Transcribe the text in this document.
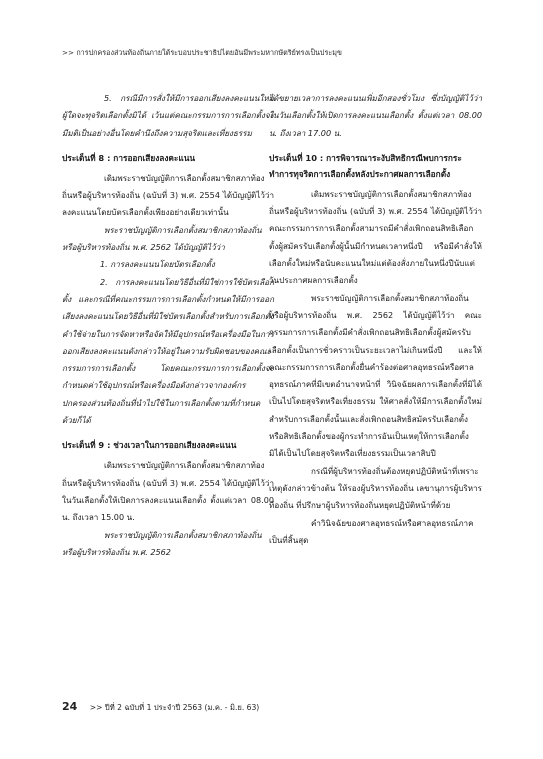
>> การปกครองส่วนท้องถิ่นภายใต้ระบอบประชาธิปไตยอันมีพระมหากษัตริย์ทรงเป็นประมุข

5. กรณีมีการสั่งให้มีการออกเสียงลงคะแนนใหม่ ผู้ใดจะทุจริตเลือกตั้งมิได้ เว้นแต่คณะกรรมการการเลือกตั้งจะมีมติเป็นอย่างอื่นโดยคำนึงถึงความสุจริตและเที่ยงธรรม

ประเด็นที่ 8 : การออกเสียงลงคะแนน

เดิมพระราชบัญญัติการเลือกตั้งสมาชิกสภาท้องถิ่นหรือผู้บริหารท้องถิ่น (ฉบับที่ 3) พ.ศ. 2554 ได้บัญญัติไว้ว่า ลงคะแนนโดยบัตรเลือกตั้งเพียงอย่างเดียวเท่านั้น

พระราชบัญญัติการเลือกตั้งสมาชิกสภาท้องถิ่นหรือผู้บริหารท้องถิ่น พ.ศ. 2562 ได้บัญญัติไว้ว่า

1. การลงคะแนนโดยบัตรเลือกตั้ง

2. การลงคะแนนโดยวิธีอื่นที่มิใช่การใช้บัตรเลือกตั้ง และกรณีที่คณะกรรมการการเลือกตั้งกำหนดให้มีการออกเสียงลงคะแนนโดยวิธีอื่นที่มิใช่บัตรเลือกตั้งสำหรับการเลือกตั้งคำใช้จ่ายในการจัดหาหรือจัดให้มีอุปกรณ์หรือเครื่องมือในการออกเสียงลงคะแนนดังกล่าวให้อยู่ในความรับผิดชอบของคณะกรรมการการเลือกตั้ง โดยคณะกรรมการการเลือกตั้งจะกำหนดค่าใช้อุปกรณ์หรือเครื่องมือดังกล่าวจากองค์กรปกครองส่วนท้องถิ่นที่นำไปใช้ในการเลือกตั้งตามที่กำหนดด้วยก็ได้

ประเด็นที่ 9 : ช่วงเวลาในการออกเสียงลงคะแนน

เดิมพระราชบัญญัติการเลือกตั้งสมาชิกสภาท้องถิ่นหรือผู้บริหารท้องถิ่น (ฉบับที่ 3) พ.ศ. 2554 ได้บัญญัติไว้ว่า ในวันเลือกตั้งให้เปิดการลงคะแนนเลือกตั้ง ตั้งแต่เวลา 08.00 น. ถึงเวลา 15.00 น.

พระราชบัญญัติการเลือกตั้งสมาชิกสภาท้องถิ่นหรือผู้บริหารท้องถิ่น พ.ศ. 2562

ได้ขยายเวลาการลงคะแนนเพิ่มอีกสองชั่วโมง ซึ่งบัญญัติไว้ว่า ในวันเลือกตั้งให้เปิดการลงคะแนนเลือกตั้ง ตั้งแต่เวลา 08.00 น. ถึงเวลา 17.00 น.

ประเด็นที่ 10 : การพิจารณาระงับสิทธิกรณีพบการกระทำการทุจริตการเลือกตั้งหลังประกาศผลการเลือกตั้ง

เดิมพระราชบัญญัติการเลือกตั้งสมาชิกสภาท้องถิ่นหรือผู้บริหารท้องถิ่น (ฉบับที่ 3) พ.ศ. 2554 ได้บัญญัติไว้ว่า คณะกรรมการการเลือกตั้งสามารถมีคำสั่งเพิกถอนสิทธิเลือกตั้งผู้สมัครรับเลือกตั้งผู้นั้นมีกำหนดเวลาหนึ่งปี หรือมีคำสั่งให้เลือกตั้งใหม่หรือนับคะแนนใหม่แต่ต้องสั่งภายในหนึ่งปีนับแต่วันประกาศผลการเลือกตั้ง

พระราชบัญญัติการเลือกตั้งสมาชิกสภาท้องถิ่นหรือผู้บริหารท้องถิ่น พ.ศ. 2562 ได้บัญญัติไว้ว่า คณะกรรมการการเลือกตั้งมีคำสั่งเพิกถอนสิทธิเลือกตั้งผู้สมัครรับเลือกตั้งเป็นการชั่วคราวเป็นระยะเวลาไม่เกินหนึ่งปี และให้คณะกรรมการการเลือกตั้งยื่นคำร้องต่อศาลอุทธรณ์หรือศาลอุทธรณ์ภาคที่มีเขตอำนาจหน้าที่ วินิจฉัยผลการเลือกตั้งที่มิได้เป็นไปโดยสุจริตหรือเที่ยงธรรม ให้ศาลสั่งให้มีการเลือกตั้งใหม่สำหรับการเลือกตั้งนั้นและสั่งเพิกถอนสิทธิสมัครรับเลือกตั้ง หรือสิทธิเลือกตั้งของผู้กระทำการอันเป็นเหตุให้การเลือกตั้งมิได้เป็นไปโดยสุจริตหรือเที่ยงธรรมเป็นเวลาสิบปี

กรณีที่ผู้บริหารท้องถิ่นต้องหยุดปฏิบัติหน้าที่เพราะเหตุดังกล่าวข้างต้น ให้รองผู้บริหารท้องถิ่น เลขานุการผู้บริหารท้องถิ่น ที่ปรึกษาผู้บริหารท้องถิ่นหยุดปฏิบัติหน้าที่ด้วย

คำวินิจฉัยของศาลอุทธรณ์หรือศาลอุทธรณ์ภาคเป็นที่สิ้นสุด

24 >> ปีที่ 2 ฉบับที่ 1 ประจำปี 2563 (ม.ค. - มิ.ย. 63)
